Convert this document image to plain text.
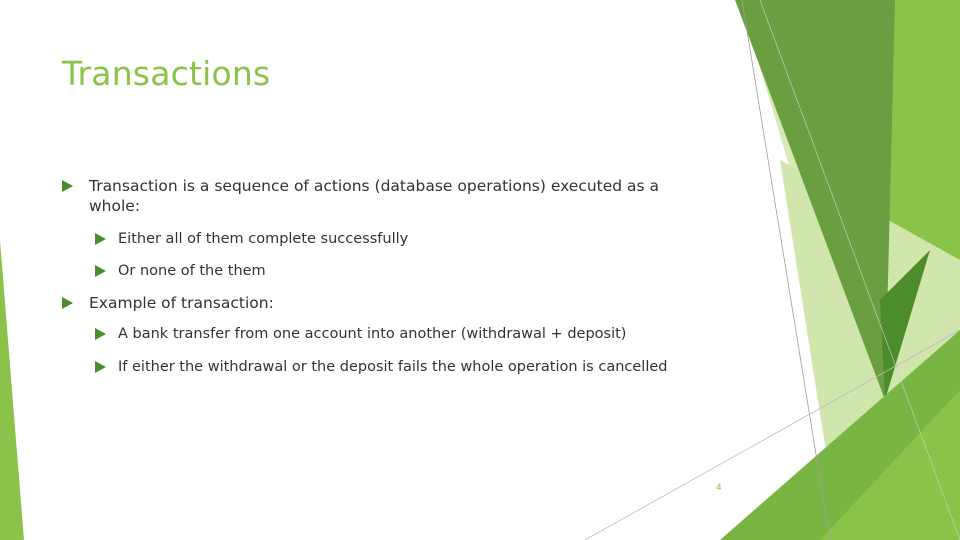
Transactions
Transaction is a sequence of actions (database operations) executed as a whole:
Either all of them complete successfully
Or none of the them
Example of transaction:
A bank transfer from one account into another (withdrawal + deposit)
If either the withdrawal or the deposit fails the whole operation is cancelled
4
